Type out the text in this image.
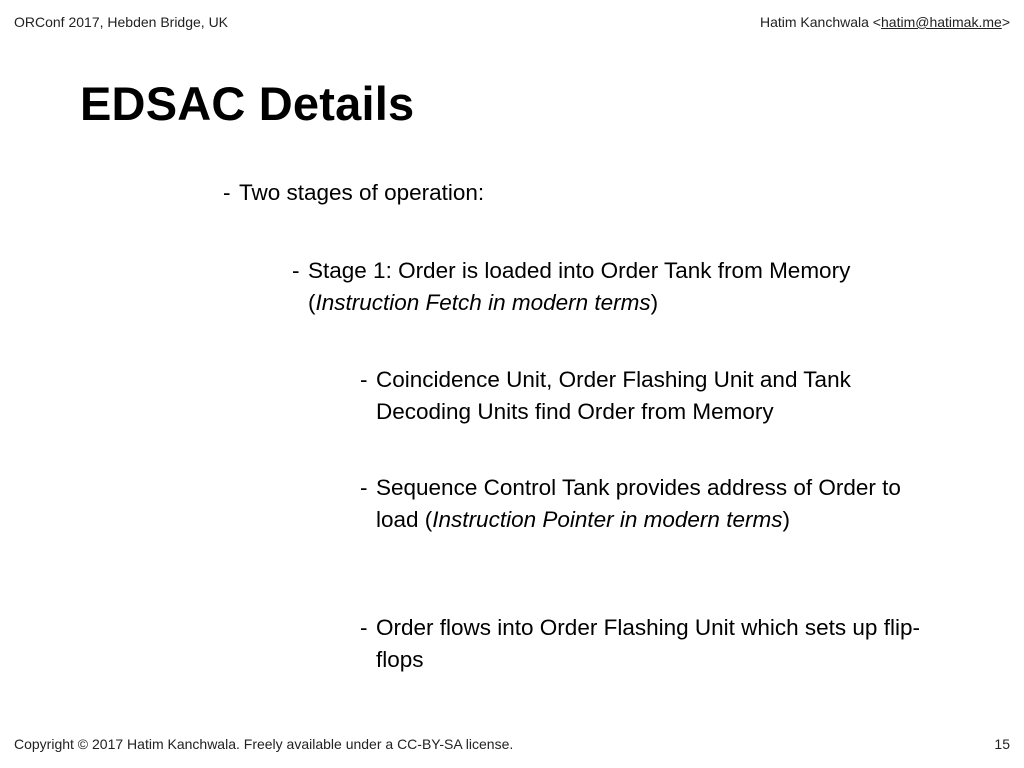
ORConf 2017, Hebden Bridge, UK	Hatim Kanchwala <hatim@hatimak.me>
EDSAC Details
- Two stages of operation:
- Stage 1: Order is loaded into Order Tank from Memory (Instruction Fetch in modern terms)
- Coincidence Unit, Order Flashing Unit and Tank Decoding Units find Order from Memory
- Sequence Control Tank provides address of Order to load (Instruction Pointer in modern terms)
- Order flows into Order Flashing Unit which sets up flip-flops
Copyright © 2017 Hatim Kanchwala. Freely available under a CC-BY-SA license.	15
